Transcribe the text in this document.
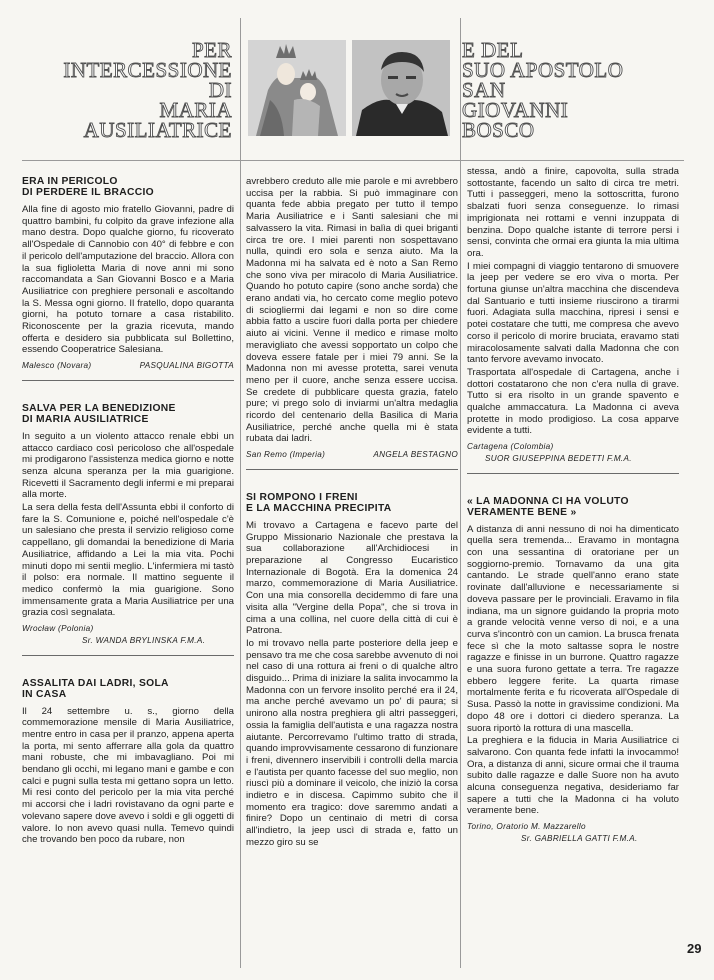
PER
INTERCESSIONE
DI
MARIA
AUSILIATRICE
E DEL
SUO APOSTOLO
SAN
GIOVANNI
BOSCO
ERA IN PERICOLO
DI PERDERE IL BRACCIO

Alla fine di agosto mio fratello Giovanni, padre di quattro bambini, fu colpito da grave infezione alla mano destra. Dopo qualche giorno, fu ricoverato all'Ospedale di Cannobio con 40° di febbre e con il pericolo dell'amputazione del braccio. Allora con la sua figlioletta Maria di nove anni mi sono raccomandata a San Giovanni Bosco e a Maria Ausiliatrice con preghiere personali e ascoltando la S. Messa ogni giorno. Il fratello, dopo quaranta giorni, ha potuto tornare a casa ristabilito. Riconoscente per la grazia ricevuta, mando offerta e desidero sia pubblicata sul Bollettino, essendo Cooperatrice Salesiana.

Malesco (Novara)	PASQUALINA BIGOTTA
SALVA PER LA BENEDIZIONE
DI MARIA AUSILIATRICE

In seguito a un violento attacco renale ebbi un attacco cardiaco così pericoloso che all'ospedale mi prodigarono l'assistenza medica giorno e notte senza alcuna speranza per la mia guarigione. Ricevetti il Sacramento degli infermi e mi preparai alla morte.

La sera della festa dell'Assunta ebbi il conforto di fare la S. Comunione e, poiché nell'ospedale c'è un salesiano che presta il servizio religioso come cappellano, gli domandai la benedizione di Maria Ausiliatrice, affidando a Lei la mia vita. Pochi minuti dopo mi sentii meglio. L'infermiera mi tastò il polso: era normale. Il mattino seguente il medico confermò la mia guarigione. Sono immensamente grata a Maria Ausiliatrice per una grazia così segnalata.

Wrocław (Polonia)
Sr. WANDA BRYLINSKA F.M.A.
ASSALITA DAI LADRI, SOLA
IN CASA

Il 24 settembre u. s., giorno della commemorazione mensile di Maria Ausiliatrice, mentre entro in casa per il pranzo, appena aperta la porta, mi sento afferrare alla gola da quattro mani robuste, che mi imbavagliano. Poi mi bendano gli occhi, mi legano mani e gambe e con calci e pugni sulla testa mi gettano sopra un letto. Mi resi conto del pericolo per la mia vita perché mi accorsi che i ladri rovistavano da ogni parte e volevano sapere dove avevo i soldi e gli oggetti di valore. Io non avevo quasi nulla. Temevo quindi che trovando ben poco da rubare, non

avrebbero creduto alle mie parole e mi avrebbero uccisa per la rabbia. Si può immaginare con quanta fede abbia pregato per tutto il tempo Maria Ausiliatrice e i Santi salesiani che mi salvassero la vita. Rimasi in balìa di quei briganti circa tre ore. I miei parenti non sospettavano nulla, quindi ero sola e senza aiuto. Ma la Madonna mi ha salvata ed è noto a San Remo che sono viva per miracolo di Maria Ausiliatrice. Quando ho potuto capire (sono anche sorda) che erano andati via, ho cercato come meglio potevo di sciogliermi dai legami e non so dire come abbia fatto a uscire fuori dalla porta per chiedere aiuto ai vicini. Venne il medico e rimase molto meravigliato che avessi sopportato un colpo che doveva essere fatale per i miei 79 anni. Se la Madonna non mi avesse protetta, sarei venuta meno per il cuore, anche senza essere uccisa. Se credete di pubblicare questa grazia, fatelo pure; vi prego solo di inviarmi un'altra medaglia ricordo del centenario della Basilica di Maria Ausiliatrice, perché anche quella mi è stata rubata dai ladri.

San Remo (Imperia)	ANGELA BESTAGNO
SI ROMPONO I FRENI
E LA MACCHINA PRECIPITA

Mi trovavo a Cartagena e facevo parte del Gruppo Missionario Nazionale che prestava la sua collaborazione all'Archidiocesi in preparazione al Congresso Eucaristico Internazionale di Bogotà. Era la domenica 24 marzo, commemorazione di Maria Ausiliatrice. Con una mia consorella decidemmo di fare una visita alla "Vergine della Popa", che si trova in cima a una collina, nel cuore della città di cui è Patrona.

Io mi trovavo nella parte posteriore della jeep e pensavo tra me che cosa sarebbe avvenuto di noi nel caso di una rottura ai freni o di qualche altro disguido... Prima di iniziare la salita invocammo la Madonna con un fervore insolito perché era il 24, ma anche perché avevamo un po' di paura; si unirono alla nostra preghiera gli altri passeggeri, ossia la famiglia dell'autista e una ragazza nostra aiutante. Percorrevamo l'ultimo tratto di strada, quando improvvisamente cessarono di funzionare i freni, divennero inservibili i controlli della marcia e l'autista per quanto facesse del suo meglio, non riuscì più a dominare il veicolo, che iniziò la corsa indietro e in discesa. Capimmo subito che il momento era tragico: dove saremmo andati a finire? Dopo un centinaio di metri di corsa all'indietro, la jeep uscì di strada e, fatto un mezzo giro su se

stessa, andò a finire, capovolta, sulla strada sottostante, facendo un salto di circa tre metri. Tutti i passeggeri, meno la sottoscritta, furono sbalzati fuori senza conseguenze. Io rimasi imprigionata nei rottami e venni inzuppata di benzina. Dopo qualche istante di terrore persi i sensi, convinta che ormai era giunta la mia ultima ora.

I miei compagni di viaggio tentarono di smuovere la jeep per vedere se ero viva o morta. Per fortuna giunse un'altra macchina che discendeva dal Santuario e tutti insieme riuscirono a tirarmi fuori. Adagiata sulla macchina, ripresi i sensi e potei costatare che tutti, me compresa che avevo corso il pericolo di morire bruciata, eravamo stati miracolosamente salvati dalla Madonna che con tanto fervore avevamo invocato.

Trasportata all'ospedale di Cartagena, anche i dottori costatarono che non c'era nulla di grave. Tutto si era risolto in un grande spavento e qualche ammaccatura. La Madonna ci aveva protette in modo prodigioso. La cosa apparve evidente a tutti.

Cartagena (Colombia)
SUOR GIUSEPPINA BEDETTI F.M.A.
« LA MADONNA CI HA VOLUTO
VERAMENTE BENE »

A distanza di anni nessuno di noi ha dimenticato quella sera tremenda... Eravamo in montagna con una sessantina di oratoriane per un soggiorno-premio. Tornavamo da una gita cantando. Le strade quell'anno erano state rovinate dall'alluvione e necessariamente si doveva passare per le provinciali. Eravamo in fila indiana, ma un signore guidando la propria moto a grande velocità venne verso di noi, e a una curva s'incontrò con un camion. La brusca frenata fece sì che la moto saltasse sopra le nostre ragazze e finisse in un burrone. Quattro ragazze e una suora furono gettate a terra. Tre ragazze ebbero leggere ferite. La quarta rimase mortalmente ferita e fu ricoverata all'Ospedale di Susa. Passò la notte in gravissime condizioni. Ma dopo 48 ore i dottori ci diedero speranza. La suora riportò la rottura di una mascella.

La preghiera e la fiducia in Maria Ausiliatrice ci salvarono. Con quanta fede infatti la invocammo! Ora, a distanza di anni, sicure ormai che il trauma subito dalle ragazze e dalle Suore non ha avuto alcuna conseguenza negativa, desideriamo far sapere a tutti che la Madonna ci ha voluto veramente bene.

Torino, Oratorio M. Mazzarello
Sr. GABRIELLA GATTI F.M.A.
29
